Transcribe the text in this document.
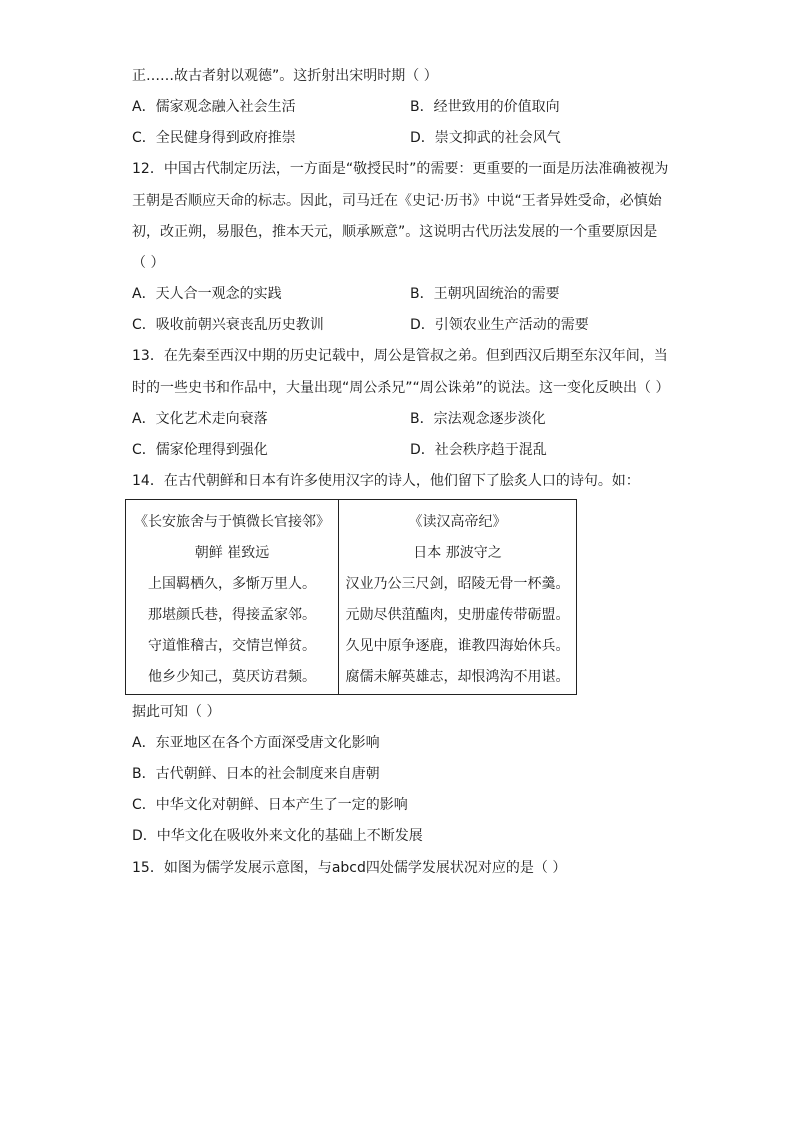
正……故古者射以观德”。这折射出宋明时期（ ）
A．儒家观念融入社会生活	B．经世致用的价值取向
C．全民健身得到政府推崇	D．崇文抑武的社会风气
12．中国古代制定历法，一方面是“敬授民时”的需要：更重要的一面是历法准确被视为
王朝是否顺应天命的标志。因此，司马迁在《史记·历书》中说“王者异姓受命，必慎始
初，改正朔，易服色，推本天元，顺承厥意”。这说明古代历法发展的一个重要原因是
（ ）
A．天人合一观念的实践	B．王朝巩固统治的需要
C．吸收前朝兴衰丧乱历史教训	D．引领农业生产活动的需要
13．在先秦至西汉中期的历史记载中，周公是管叔之弟。但到西汉后期至东汉年间，当
时的一些史书和作品中，大量出现“周公杀兄”“周公诛弟”的说法。这一变化反映出（ ）
A．文化艺术走向衰落	B．宗法观念逐步淡化
C．儒家伦理得到强化	D．社会秩序趋于混乱
14．在古代朝鲜和日本有许多使用汉字的诗人，他们留下了脍炙人口的诗句。如：
《长安旅舍与于慎微长官接邻》
朝鲜 崔致远
上国羁栖久，多惭万里人。
那堪颜氏巷，得接孟家邻。
守道惟稽古，交情岂惮贫。
他乡少知己，莫厌访君频。

《读汉高帝纪》
日本 那波守之
汉业乃公三尺剑，昭陵无骨一杯羹。
元勋尽供菹醢肉，史册虚传带砺盟。
久见中原争逐鹿，谁教四海始休兵。
腐儒未解英雄志，却恨鸿沟不用谌。
据此可知（ ）
A．东亚地区在各个方面深受唐文化影响
B．古代朝鲜、日本的社会制度来自唐朝
C．中华文化对朝鲜、日本产生了一定的影响
D．中华文化在吸收外来文化的基础上不断发展
15．如图为儒学发展示意图，与abcd四处儒学发展状况对应的是（ ）
